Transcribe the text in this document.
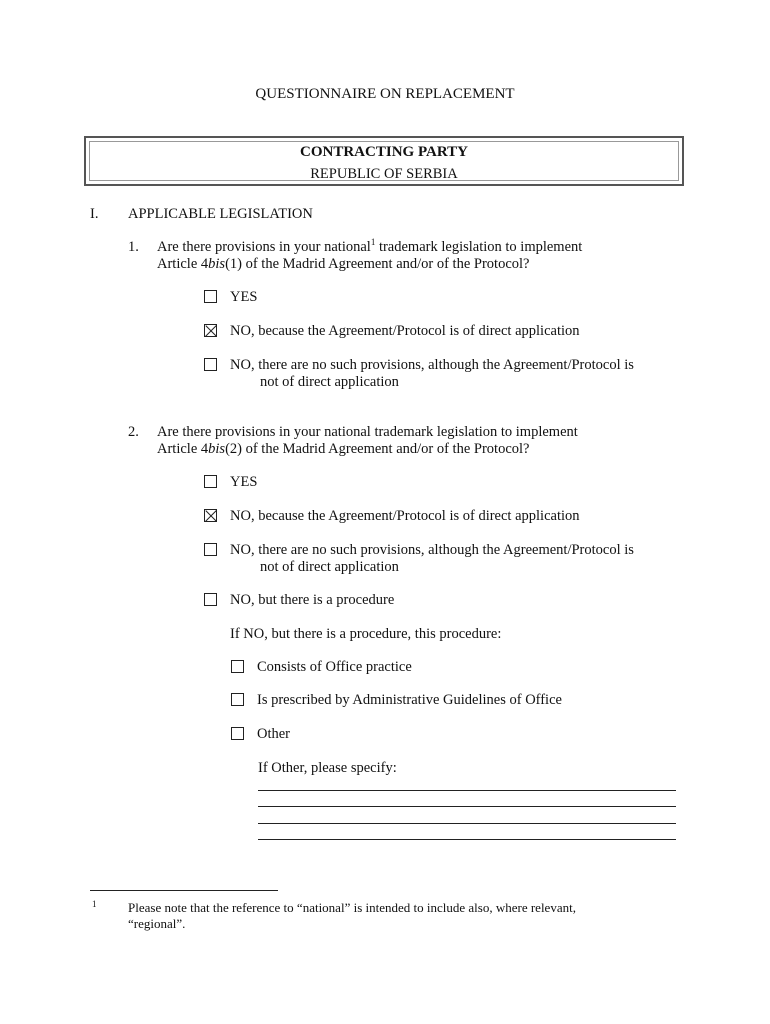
QUESTIONNAIRE ON REPLACEMENT
CONTRACTING PARTY
REPUBLIC OF SERBIA
I. APPLICABLE LEGISLATION
1. Are there provisions in your national$^1$ trademark legislation to implement
Article 4bis(1) of the Madrid Agreement and/or of the Protocol?
YES
NO, because the Agreement/Protocol is of direct application
NO, there are no such provisions, although the Agreement/Protocol is
not of direct application
2. Are there provisions in your national trademark legislation to implement
Article 4bis(2) of the Madrid Agreement and/or of the Protocol?
YES
NO, because the Agreement/Protocol is of direct application
NO, there are no such provisions, although the Agreement/Protocol is
not of direct application
NO, but there is a procedure
If NO, but there is a procedure, this procedure:
Consists of Office practice
Is prescribed by Administrative Guidelines of Office
Other
If Other, please specify:
1 Please note that the reference to “national” is intended to include also, where relevant,
“regional”.
